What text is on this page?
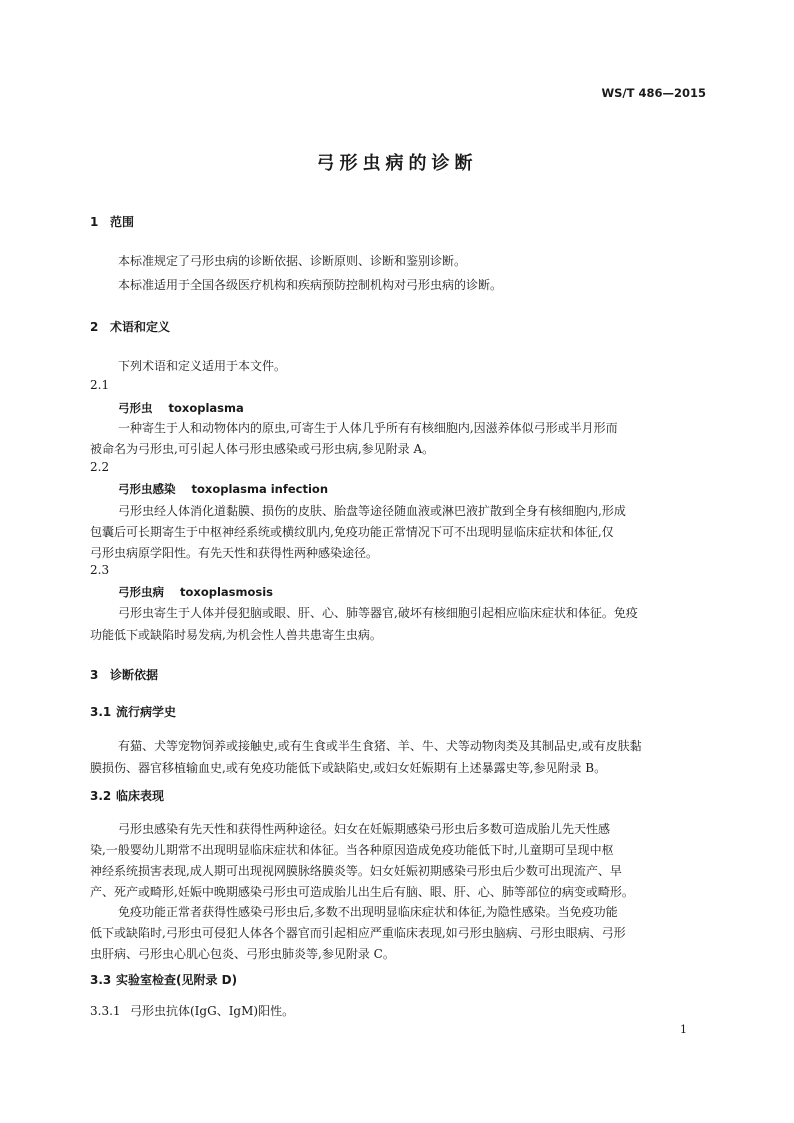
WS/T 486—2015
弓形虫病的诊断
1 范围
本标准规定了弓形虫病的诊断依据、诊断原则、诊断和鉴别诊断。
本标准适用于全国各级医疗机构和疾病预防控制机构对弓形虫病的诊断。
2 术语和定义
下列术语和定义适用于本文件。
2.1
弓形虫 toxoplasma
一种寄生于人和动物体内的原虫,可寄生于人体几乎所有有核细胞内,因滋养体似弓形或半月形而
被命名为弓形虫,可引起人体弓形虫感染或弓形虫病,参见附录 A。
2.2
弓形虫感染 toxoplasma infection
弓形虫经人体消化道黏膜、损伤的皮肤、胎盘等途径随血液或淋巴液扩散到全身有核细胞内,形成
包囊后可长期寄生于中枢神经系统或横纹肌内,免疫功能正常情况下可不出现明显临床症状和体征,仅
弓形虫病原学阳性。有先天性和获得性两种感染途径。
2.3
弓形虫病 toxoplasmosis
弓形虫寄生于人体并侵犯脑或眼、肝、心、肺等器官,破坏有核细胞引起相应临床症状和体征。免疫
功能低下或缺陷时易发病,为机会性人兽共患寄生虫病。
3 诊断依据
3.1 流行病学史
有猫、犬等宠物饲养或接触史,或有生食或半生食猪、羊、牛、犬等动物肉类及其制品史,或有皮肤黏
膜损伤、器官移植输血史,或有免疫功能低下或缺陷史,或妇女妊娠期有上述暴露史等,参见附录 B。
3.2 临床表现
弓形虫感染有先天性和获得性两种途径。妇女在妊娠期感染弓形虫后多数可造成胎儿先天性感
染,一般婴幼儿期常不出现明显临床症状和体征。当各种原因造成免疫功能低下时,儿童期可呈现中枢
神经系统损害表现,成人期可出现视网膜脉络膜炎等。妇女妊娠初期感染弓形虫后少数可出现流产、早
产、死产或畸形,妊娠中晚期感染弓形虫可造成胎儿出生后有脑、眼、肝、心、肺等部位的病变或畸形。
免疫功能正常者获得性感染弓形虫后,多数不出现明显临床症状和体征,为隐性感染。当免疫功能
低下或缺陷时,弓形虫可侵犯人体各个器官而引起相应严重临床表现,如弓形虫脑病、弓形虫眼病、弓形
虫肝病、弓形虫心肌心包炎、弓形虫肺炎等,参见附录 C。
3.3 实验室检查(见附录 D)
3.3.1 弓形虫抗体(IgG、IgM)阳性。
1
